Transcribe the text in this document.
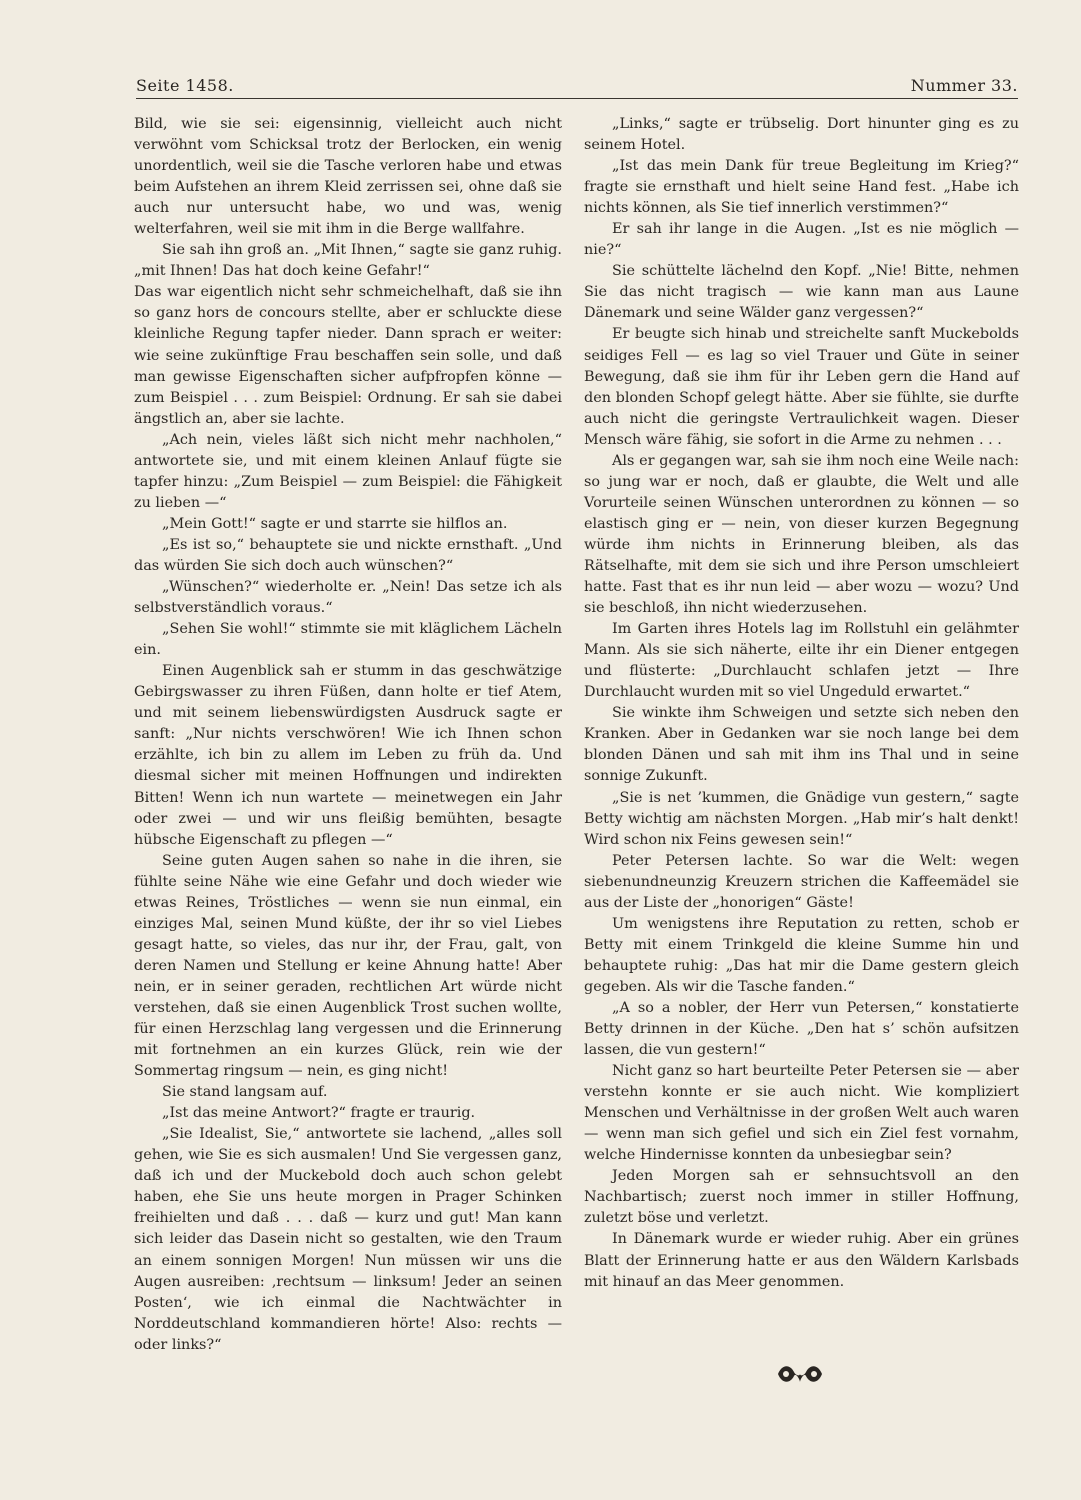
Seite 1458.	Nummer 33.

Bild, wie sie sei: eigensinnig, vielleicht auch nicht verwöhnt vom Schicksal trotz der Berlocken, ein wenig unordentlich, weil sie die Tasche verloren habe und etwas beim Aufstehen an ihrem Kleid zerrissen sei, ohne daß sie auch nur untersucht habe, wo und was, wenig welterfahren, weil sie mit ihm in die Berge wallfahre.

Sie sah ihn groß an. „Mit Ihnen,“ sagte sie ganz ruhig. „mit Ihnen! Das hat doch keine Gefahr!“

Das war eigentlich nicht sehr schmeichelhaft, daß sie ihn so ganz hors de concours stellte, aber er schluckte diese kleinliche Regung tapfer nieder. Dann sprach er weiter: wie seine zukünftige Frau beschaffen sein solle, und daß man gewisse Eigenschaften sicher aufpfropfen könne — zum Beispiel . . . zum Beispiel: Ordnung. Er sah sie dabei ängstlich an, aber sie lachte.

„Ach nein, vieles läßt sich nicht mehr nachholen,“ antwortete sie, und mit einem kleinen Anlauf fügte sie tapfer hinzu: „Zum Beispiel — zum Beispiel: die Fähigkeit zu lieben —“

„Mein Gott!“ sagte er und starrte sie hilflos an.

„Es ist so,“ behauptete sie und nickte ernsthaft. „Und das würden Sie sich doch auch wünschen?“

„Wünschen?“ wiederholte er. „Nein! Das setze ich als selbstverständlich voraus.“

„Sehen Sie wohl!“ stimmte sie mit kläglichem Lächeln ein.

Einen Augenblick sah er stumm in das geschwätzige Gebirgswasser zu ihren Füßen, dann holte er tief Atem, und mit seinem liebenswürdigsten Ausdruck sagte er sanft: „Nur nichts verschwören! Wie ich Ihnen schon erzählte, ich bin zu allem im Leben zu früh da. Und diesmal sicher mit meinen Hoffnungen und indirekten Bitten! Wenn ich nun wartete — meinetwegen ein Jahr oder zwei — und wir uns fleißig bemühten, besagte hübsche Eigenschaft zu pflegen —“

Seine guten Augen sahen so nahe in die ihren, sie fühlte seine Nähe wie eine Gefahr und doch wieder wie etwas Reines, Tröstliches — wenn sie nun einmal, ein einziges Mal, seinen Mund küßte, der ihr so viel Liebes gesagt hatte, so vieles, das nur ihr, der Frau, galt, von deren Namen und Stellung er keine Ahnung hatte! Aber nein, er in seiner geraden, rechtlichen Art würde nicht verstehen, daß sie einen Augenblick Trost suchen wollte, für einen Herzschlag lang vergessen und die Erinnerung mit fortnehmen an ein kurzes Glück, rein wie der Sommertag ringsum — nein, es ging nicht!

Sie stand langsam auf.

„Ist das meine Antwort?“ fragte er traurig.

„Sie Idealist, Sie,“ antwortete sie lachend, „alles soll gehen, wie Sie es sich ausmalen! Und Sie vergessen ganz, daß ich und der Muckebold doch auch schon gelebt haben, ehe Sie uns heute morgen in Prager Schinken freihielten und daß . . . daß — kurz und gut! Man kann sich leider das Dasein nicht so gestalten, wie den Traum an einem sonnigen Morgen! Nun müssen wir uns die Augen ausreiben: ‚rechtsum — linksum! Jeder an seinen Posten‘, wie ich einmal die Nachtwächter in Norddeutschland kommandieren hörte! Also: rechts — oder links?“

„Links,“ sagte er trübselig. Dort hinunter ging es zu seinem Hotel.

„Ist das mein Dank für treue Begleitung im Krieg?“ fragte sie ernsthaft und hielt seine Hand fest. „Habe ich nichts können, als Sie tief innerlich verstimmen?“

Er sah ihr lange in die Augen. „Ist es nie möglich — nie?“

Sie schüttelte lächelnd den Kopf. „Nie! Bitte, nehmen Sie das nicht tragisch — wie kann man aus Laune Dänemark und seine Wälder ganz vergessen?“

Er beugte sich hinab und streichelte sanft Muckebolds seidiges Fell — es lag so viel Trauer und Güte in seiner Bewegung, daß sie ihm für ihr Leben gern die Hand auf den blonden Schopf gelegt hätte. Aber sie fühlte, sie durfte auch nicht die geringste Vertraulichkeit wagen. Dieser Mensch wäre fähig, sie sofort in die Arme zu nehmen . . .

Als er gegangen war, sah sie ihm noch eine Weile nach: so jung war er noch, daß er glaubte, die Welt und alle Vorurteile seinen Wünschen unterordnen zu können — so elastisch ging er — nein, von dieser kurzen Begegnung würde ihm nichts in Erinnerung bleiben, als das Rätselhafte, mit dem sie sich und ihre Person umschleiert hatte. Fast that es ihr nun leid — aber wozu — wozu? Und sie beschloß, ihn nicht wiederzusehen.

Im Garten ihres Hotels lag im Rollstuhl ein gelähmter Mann. Als sie sich näherte, eilte ihr ein Diener entgegen und flüsterte: „Durchlaucht schlafen jetzt — Ihre Durchlaucht wurden mit so viel Ungeduld erwartet.“

Sie winkte ihm Schweigen und setzte sich neben den Kranken. Aber in Gedanken war sie noch lange bei dem blonden Dänen und sah mit ihm ins Thal und in seine sonnige Zukunft.

„Sie is net ’kummen, die Gnädige vun gestern,“ sagte Betty wichtig am nächsten Morgen. „Hab mir’s halt denkt! Wird schon nix Feins gewesen sein!“

Peter Petersen lachte. So war die Welt: wegen siebenundneunzig Kreuzern strichen die Kaffeemädel sie aus der Liste der „honorigen“ Gäste!

Um wenigstens ihre Reputation zu retten, schob er Betty mit einem Trinkgeld die kleine Summe hin und behauptete ruhig: „Das hat mir die Dame gestern gleich gegeben. Als wir die Tasche fanden.“

„A so a nobler, der Herr vun Petersen,“ konstatierte Betty drinnen in der Küche. „Den hat s’ schön aufsitzen lassen, die vun gestern!“

Nicht ganz so hart beurteilte Peter Petersen sie — aber verstehn konnte er sie auch nicht. Wie kompliziert Menschen und Verhältnisse in der großen Welt auch waren — wenn man sich gefiel und sich ein Ziel fest vornahm, welche Hindernisse konnten da unbesiegbar sein?

Jeden Morgen sah er sehnsuchtsvoll an den Nachbartisch; zuerst noch immer in stiller Hoffnung, zuletzt böse und verletzt.

In Dänemark wurde er wieder ruhig. Aber ein grünes Blatt der Erinnerung hatte er aus den Wäldern Karlsbads mit hinauf an das Meer genommen.
